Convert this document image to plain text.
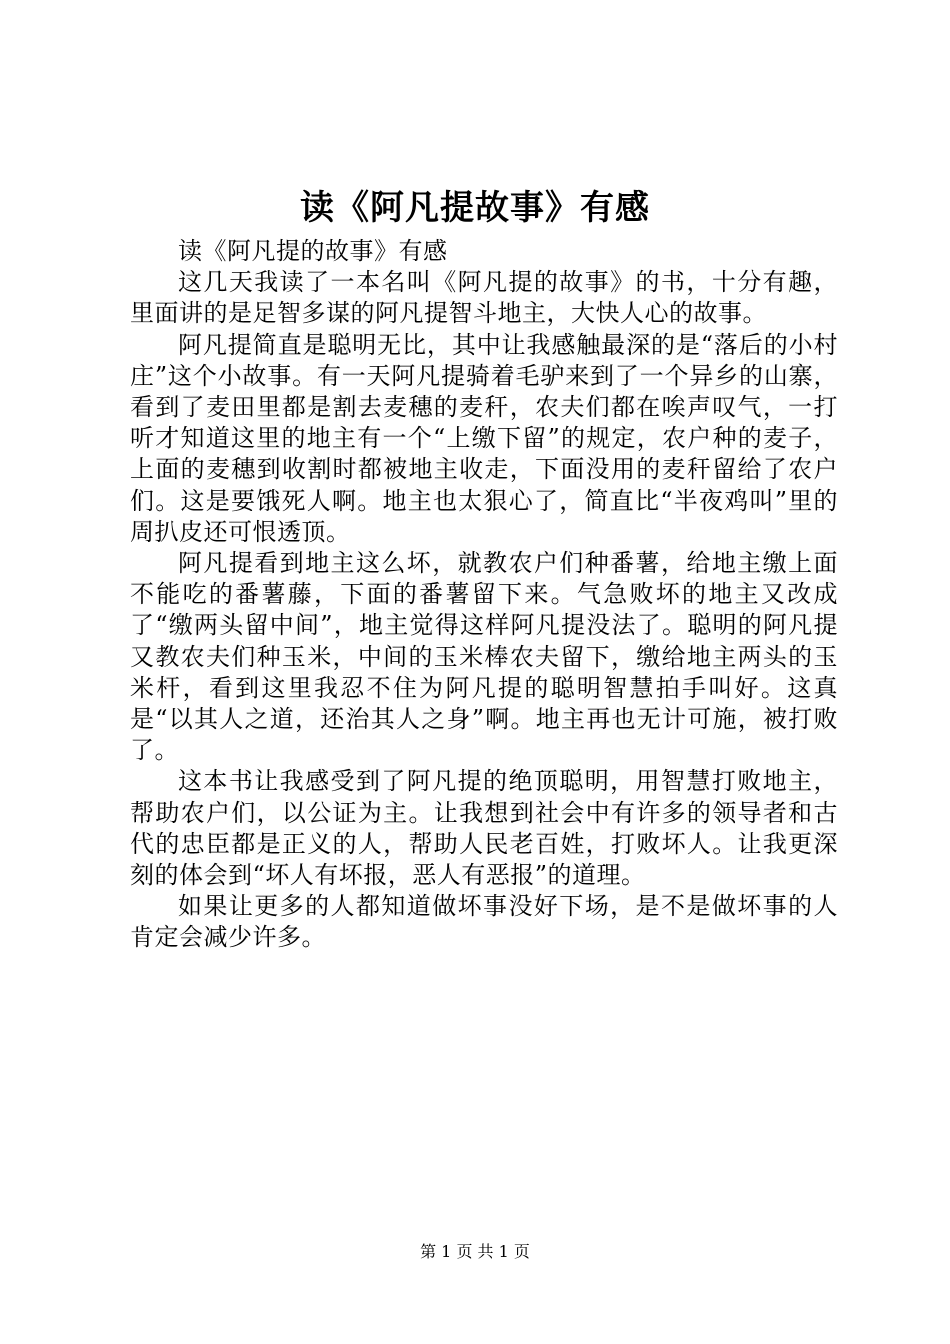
读《阿凡提故事》有感

读《阿凡提的故事》有感

这几天我读了一本名叫《阿凡提的故事》的书，十分有趣，里面讲的是足智多谋的阿凡提智斗地主，大快人心的故事。

阿凡提简直是聪明无比，其中让我感触最深的是“落后的小村庄”这个小故事。有一天阿凡提骑着毛驴来到了一个异乡的山寨，看到了麦田里都是割去麦穗的麦秆，农夫们都在唉声叹气，一打听才知道这里的地主有一个“上缴下留”的规定，农户种的麦子，上面的麦穗到收割时都被地主收走，下面没用的麦秆留给了农户们。这是要饿死人啊。地主也太狠心了，简直比“半夜鸡叫”里的周扒皮还可恨透顶。

阿凡提看到地主这么坏，就教农户们种番薯，给地主缴上面不能吃的番薯藤，下面的番薯留下来。气急败坏的地主又改成了“缴两头留中间”，地主觉得这样阿凡提没法了。聪明的阿凡提又教农夫们种玉米，中间的玉米棒农夫留下，缴给地主两头的玉米杆，看到这里我忍不住为阿凡提的聪明智慧拍手叫好。这真是“以其人之道，还治其人之身”啊。地主再也无计可施，被打败了。

这本书让我感受到了阿凡提的绝顶聪明，用智慧打败地主，帮助农户们，以公证为主。让我想到社会中有许多的领导者和古代的忠臣都是正义的人，帮助人民老百姓，打败坏人。让我更深刻的体会到“坏人有坏报，恶人有恶报”的道理。

如果让更多的人都知道做坏事没好下场，是不是做坏事的人肯定会减少许多。

第 1 页 共 1 页
